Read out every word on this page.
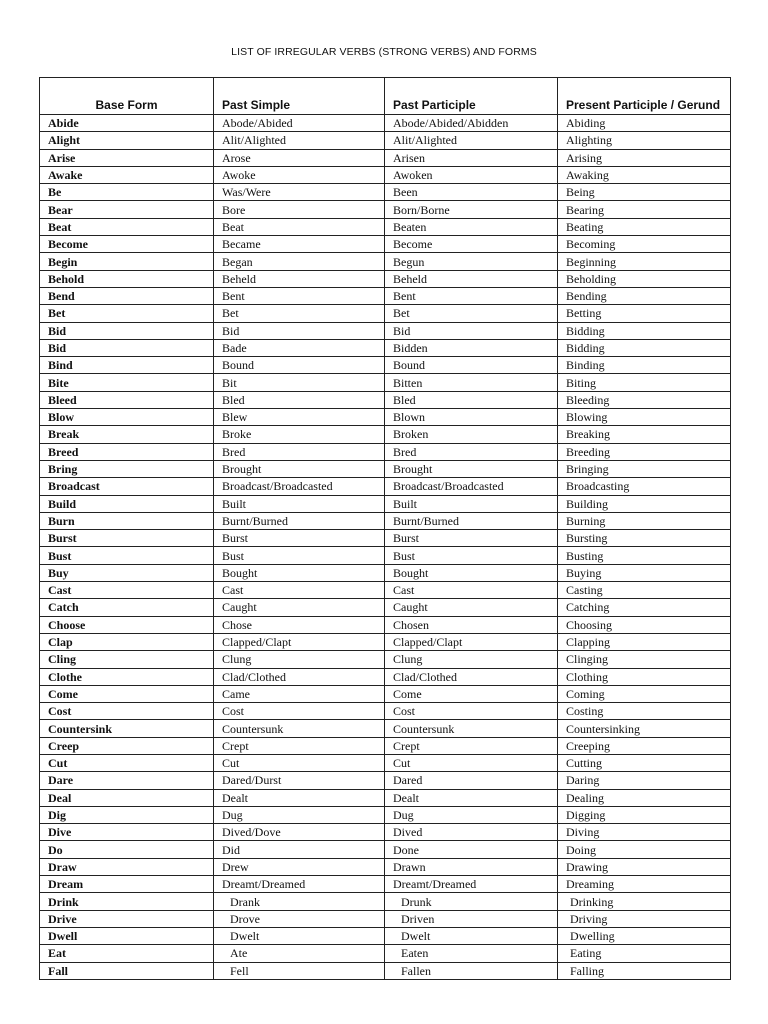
LIST OF IRREGULAR VERBS (STRONG VERBS) AND FORMS
Base Form	Past Simple	Past Participle	Present Participle / Gerund
Abide	Abode/Abided	Abode/Abided/Abidden	Abiding
Alight	Alit/Alighted	Alit/Alighted	Alighting
Arise	Arose	Arisen	Arising
Awake	Awoke	Awoken	Awaking
Be	Was/Were	Been	Being
Bear	Bore	Born/Borne	Bearing
Beat	Beat	Beaten	Beating
Become	Became	Become	Becoming
Begin	Began	Begun	Beginning
Behold	Beheld	Beheld	Beholding
Bend	Bent	Bent	Bending
Bet	Bet	Bet	Betting
Bid	Bid	Bid	Bidding
Bid	Bade	Bidden	Bidding
Bind	Bound	Bound	Binding
Bite	Bit	Bitten	Biting
Bleed	Bled	Bled	Bleeding
Blow	Blew	Blown	Blowing
Break	Broke	Broken	Breaking
Breed	Bred	Bred	Breeding
Bring	Brought	Brought	Bringing
Broadcast	Broadcast/Broadcasted	Broadcast/Broadcasted	Broadcasting
Build	Built	Built	Building
Burn	Burnt/Burned	Burnt/Burned	Burning
Burst	Burst	Burst	Bursting
Bust	Bust	Bust	Busting
Buy	Bought	Bought	Buying
Cast	Cast	Cast	Casting
Catch	Caught	Caught	Catching
Choose	Chose	Chosen	Choosing
Clap	Clapped/Clapt	Clapped/Clapt	Clapping
Cling	Clung	Clung	Clinging
Clothe	Clad/Clothed	Clad/Clothed	Clothing
Come	Came	Come	Coming
Cost	Cost	Cost	Costing
Countersink	Countersunk	Countersunk	Countersinking
Creep	Crept	Crept	Creeping
Cut	Cut	Cut	Cutting
Dare	Dared/Durst	Dared	Daring
Deal	Dealt	Dealt	Dealing
Dig	Dug	Dug	Digging
Dive	Dived/Dove	Dived	Diving
Do	Did	Done	Doing
Draw	Drew	Drawn	Drawing
Dream	Dreamt/Dreamed	Dreamt/Dreamed	Dreaming
Drink	Drank	Drunk	Drinking
Drive	Drove	Driven	Driving
Dwell	Dwelt	Dwelt	Dwelling
Eat	Ate	Eaten	Eating
Fall	Fell	Fallen	Falling
